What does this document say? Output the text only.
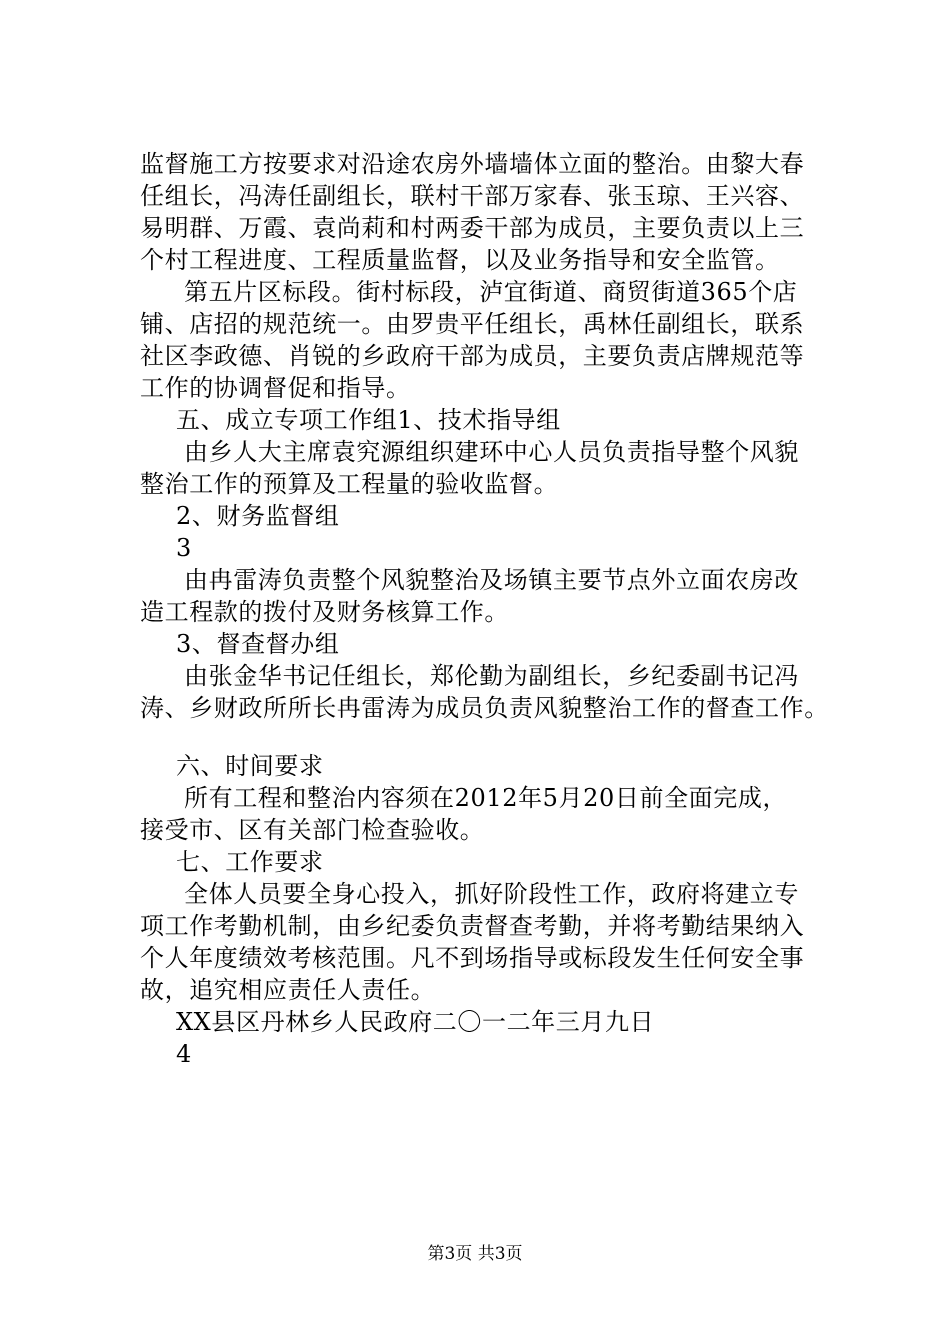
监督施工方按要求对沿途农房外墙墙体立面的整治。由黎大春
任组长，冯涛任副组长，联村干部万家春、张玉琼、王兴容、
易明群、万霞、袁尚莉和村两委干部为成员，主要负责以上三
个村工程进度、工程质量监督，以及业务指导和安全监管。
第五片区标段。街村标段，泸宜街道、商贸街道365个店
铺、店招的规范统一。由罗贵平任组长，禹林任副组长，联系
社区李政德、肖锐的乡政府干部为成员，主要负责店牌规范等
工作的协调督促和指导。
五、成立专项工作组1、技术指导组
由乡人大主席袁究源组织建环中心人员负责指导整个风貌
整治工作的预算及工程量的验收监督。
2、财务监督组
3
由冉雷涛负责整个风貌整治及场镇主要节点外立面农房改
造工程款的拨付及财务核算工作。
3、督查督办组
由张金华书记任组长，郑伦勤为副组长，乡纪委副书记冯
涛、乡财政所所长冉雷涛为成员负责风貌整治工作的督查工作。
六、时间要求
所有工程和整治内容须在2012年5月20日前全面完成，
接受市、区有关部门检查验收。
七、工作要求
全体人员要全身心投入，抓好阶段性工作，政府将建立专
项工作考勤机制，由乡纪委负责督查考勤，并将考勤结果纳入
个人年度绩效考核范围。凡不到场指导或标段发生任何安全事
故，追究相应责任人责任。
XX县区丹林乡人民政府二〇一二年三月九日
4
第3页 共3页
